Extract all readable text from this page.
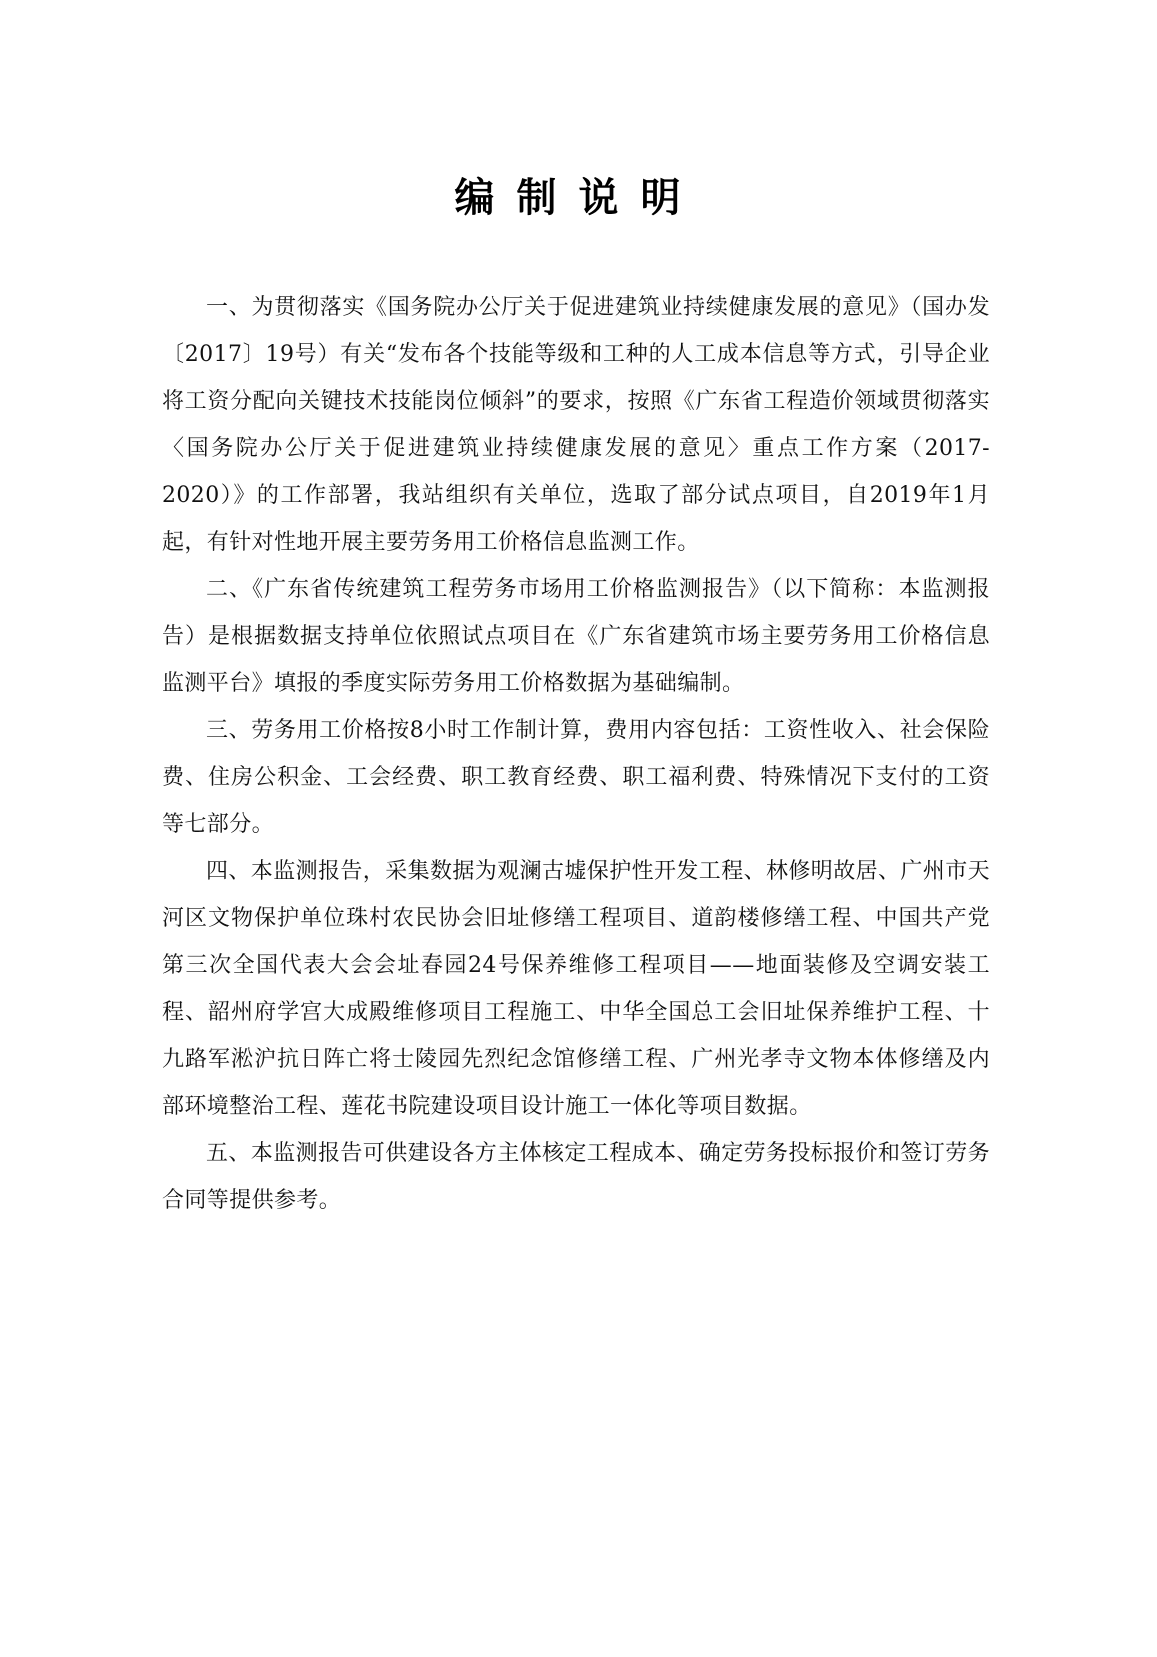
编制说明

一、为贯彻落实《国务院办公厅关于促进建筑业持续健康发展的意见》（国办发〔2017〕19号）有关“发布各个技能等级和工种的人工成本信息等方式，引导企业将工资分配向关键技术技能岗位倾斜”的要求，按照《广东省工程造价领域贯彻落实〈国务院办公厅关于促进建筑业持续健康发展的意见〉重点工作方案（2017-2020）》的工作部署，我站组织有关单位，选取了部分试点项目，自2019年1月起，有针对性地开展主要劳务用工价格信息监测工作。

二、《广东省传统建筑工程劳务市场用工价格监测报告》（以下简称：本监测报告）是根据数据支持单位依照试点项目在《广东省建筑市场主要劳务用工价格信息监测平台》填报的季度实际劳务用工价格数据为基础编制。

三、劳务用工价格按8小时工作制计算，费用内容包括：工资性收入、社会保险费、住房公积金、工会经费、职工教育经费、职工福利费、特殊情况下支付的工资等七部分。

四、本监测报告，采集数据为观澜古墟保护性开发工程、林修明故居、广州市天河区文物保护单位珠村农民协会旧址修缮工程项目、道韵楼修缮工程、中国共产党第三次全国代表大会会址春园24号保养维修工程项目——地面装修及空调安装工程、韶州府学宫大成殿维修项目工程施工、中华全国总工会旧址保养维护工程、十九路军淞沪抗日阵亡将士陵园先烈纪念馆修缮工程、广州光孝寺文物本体修缮及内部环境整治工程、莲花书院建设项目设计施工一体化等项目数据。

五、本监测报告可供建设各方主体核定工程成本、确定劳务投标报价和签订劳务合同等提供参考。
